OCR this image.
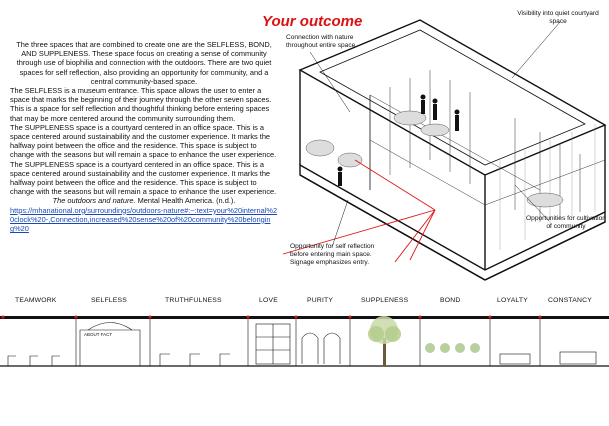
Your outcome

The three spaces that are combined to create one are the SELFLESS, BOND, AND SUPPLENESS. These space focus on creating a sense of community through use of biophilia and connection with the outdoors. There are two quiet spaces for self reflection, also providing an opportunity for community, and a central community-based space.

The SELFLESS is a museum entrance. This space allows the user to enter a space that marks the beginning of their journey through the other seven spaces. This is a space for self reflection and thoughtful thinking before entering spaces that may be more centered around the community surrounding them.

The SUPPLENESS space is a courtyard centered in an office space. This is a space centered around sustainability and the customer experience. It marks the halfway point between the office and the residence. This space is subject to change with the seasons but will remain a space to enhance the user experience.

The SUPPLENESS space is a courtyard centered in an office space. This is a space centered around sustainability and the customer experience. It marks the halfway point between the office and the residence. This space is subject to change with the seasons but will remain a space to enhance the user experience.

The outdoors and nature. Mental Health America. (n.d.).

https://mhanational.org/surroundings/outdoors-nature#:~:text=your%20internal%20clock%20-,Connection,increased%20sense%20of%20community%20belonging%20

Connection with nature throughout entire space
Visibility into quiet courtyard space
Opportunities for cultivation of community
Opportunity for self reflection before entering main space. Signage emphasizes entry.
TEAMWORK	SELFLESS	TRUTHFULNESS	LOVE	PURITY	SUPPLENESS	BOND	LOYALTY	CONSTANCY
ABOUT FACT
